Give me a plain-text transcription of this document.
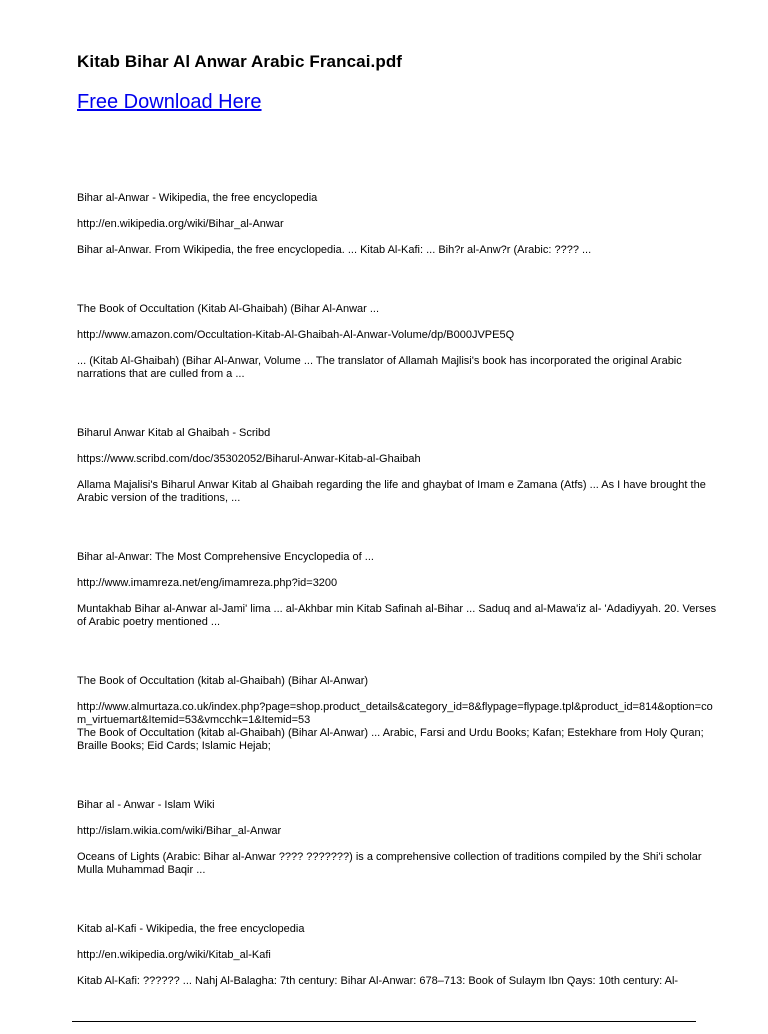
Kitab Bihar Al Anwar Arabic Francai.pdf
Free Download Here
Bihar al-Anwar - Wikipedia, the free encyclopedia
http://en.wikipedia.org/wiki/Bihar_al-Anwar
Bihar al-Anwar. From Wikipedia, the free encyclopedia. ... Kitab Al-Kafi: ... Bih?r al-Anw?r (Arabic: ???? ...
The Book of Occultation (Kitab Al-Ghaibah) (Bihar Al-Anwar ...
http://www.amazon.com/Occultation-Kitab-Al-Ghaibah-Al-Anwar-Volume/dp/B000JVPE5Q
... (Kitab Al-Ghaibah) (Bihar Al-Anwar, Volume ... The translator of Allamah Majlisi's book has incorporated the original Arabic narrations that are culled from a ...
Biharul Anwar Kitab al Ghaibah - Scribd
https://www.scribd.com/doc/35302052/Biharul-Anwar-Kitab-al-Ghaibah
Allama Majalisi's Biharul Anwar Kitab al Ghaibah regarding the life and ghaybat of Imam e Zamana (Atfs) ... As I have brought the Arabic version of the traditions, ...
Bihar al-Anwar: The Most Comprehensive Encyclopedia of ...
http://www.imamreza.net/eng/imamreza.php?id=3200
Muntakhab Bihar al-Anwar al-Jami' lima ... al-Akhbar min Kitab Safinah al-Bihar ... Saduq and al-Mawa'iz al- 'Adadiyyah. 20. Verses of Arabic poetry mentioned ...
The Book of Occultation (kitab al-Ghaibah) (Bihar Al-Anwar)
http://www.almurtaza.co.uk/index.php?page=shop.product_details&category_id=8&flypage=flypage.tpl&product_id=814&option=com_virtuemart&Itemid=53&vmcchk=1&Itemid=53
The Book of Occultation (kitab al-Ghaibah) (Bihar Al-Anwar) ... Arabic, Farsi and Urdu Books; Kafan; Estekhare from Holy Quran; Braille Books; Eid Cards; Islamic Hejab;
Bihar al - Anwar - Islam Wiki
http://islam.wikia.com/wiki/Bihar_al-Anwar
Oceans of Lights (Arabic: Bihar al-Anwar ???? ???????) is a comprehensive collection of traditions compiled by the Shi'i scholar Mulla Muhammad Baqir ...
Kitab al-Kafi - Wikipedia, the free encyclopedia
http://en.wikipedia.org/wiki/Kitab_al-Kafi
Kitab Al-Kafi: ?????? ... Nahj Al-Balagha: 7th century: Bihar Al-Anwar: 678–713: Book of Sulaym Ibn Qays: 10th century: Al-
